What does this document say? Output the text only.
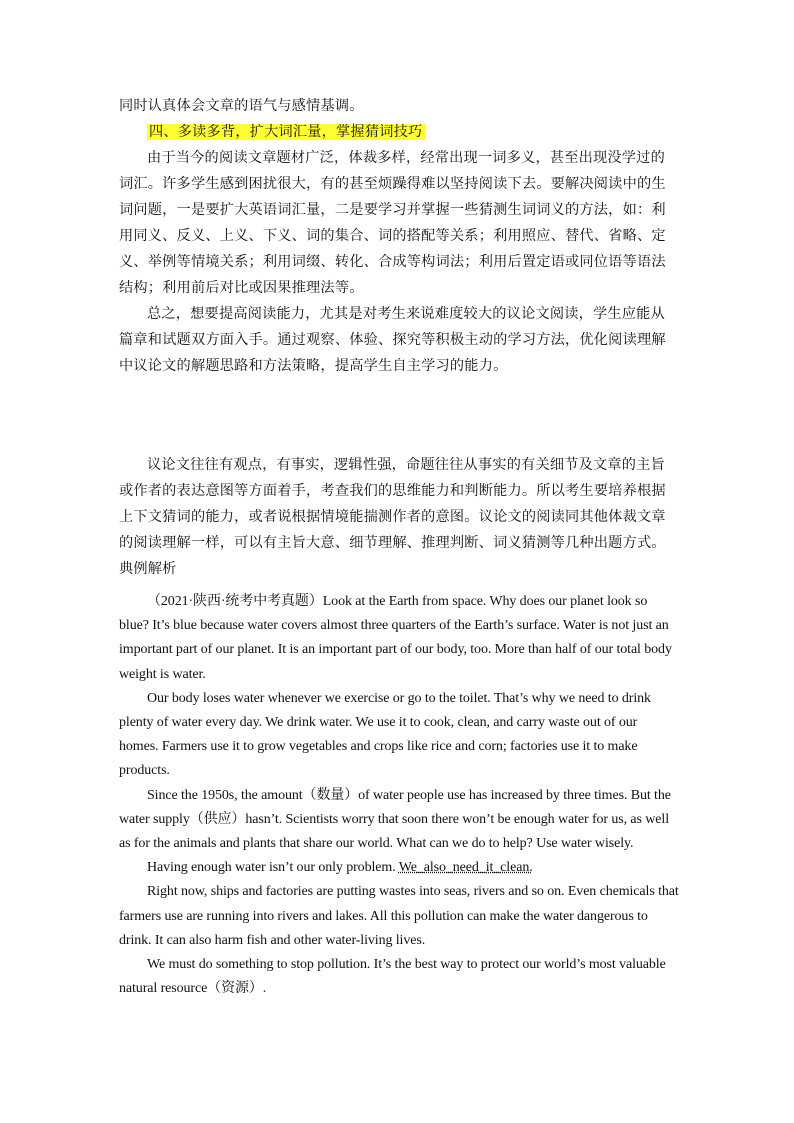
同时认真体会文章的语气与感情基调。

四、多读多背，扩大词汇量，掌握猜词技巧

由于当今的阅读文章题材广泛，体裁多样，经常出现一词多义，甚至出现没学过的词汇。许多学生感到困扰很大，有的甚至烦躁得难以坚持阅读下去。要解决阅读中的生词问题，一是要扩大英语词汇量，二是要学习并掌握一些猜测生词词义的方法，如：利用同义、反义、上义、下义、词的集合、词的搭配等关系；利用照应、替代、省略、定义、举例等情境关系；利用词缀、转化、合成等构词法；利用后置定语或同位语等语法结构；利用前后对比或因果推理法等。

总之，想要提高阅读能力，尤其是对考生来说难度较大的议论文阅读，学生应能从篇章和试题双方面入手。通过观察、体验、探究等积极主动的学习方法，优化阅读理解中议论文的解题思路和方法策略，提高学生自主学习的能力。

议论文往往有观点，有事实，逻辑性强，命题往往从事实的有关细节及文章的主旨或作者的表达意图等方面着手，考查我们的思维能力和判断能力。所以考生要培养根据上下文猜词的能力，或者说根据情境能揣测作者的意图。议论文的阅读同其他体裁文章的阅读理解一样，可以有主旨大意、细节理解、推理判断、词义猜测等几种出题方式。

典例解析

（2021·陕西·统考中考真题）Look at the Earth from space. Why does our planet look so blue? It’s blue because water covers almost three quarters of the Earth’s surface. Water is not just an important part of our planet. It is an important part of our body, too. More than half of our total body weight is water.

Our body loses water whenever we exercise or go to the toilet. That’s why we need to drink plenty of water every day. We drink water. We use it to cook, clean, and carry waste out of our homes. Farmers use it to grow vegetables and crops like rice and corn; factories use it to make products.

Since the 1950s, the amount（数量）of water people use has increased by three times. But the water supply（供应）hasn’t. Scientists worry that soon there won’t be enough water for us, as well as for the animals and plants that share our world. What can we do to help? Use water wisely.

Having enough water isn’t our only problem. We_also_need_it_clean.

Right now, ships and factories are putting wastes into seas, rivers and so on. Even chemicals that farmers use are running into rivers and lakes. All this pollution can make the water dangerous to drink. It can also harm fish and other water-living lives.

We must do something to stop pollution. It’s the best way to protect our world’s most valuable natural resource（资源）.
